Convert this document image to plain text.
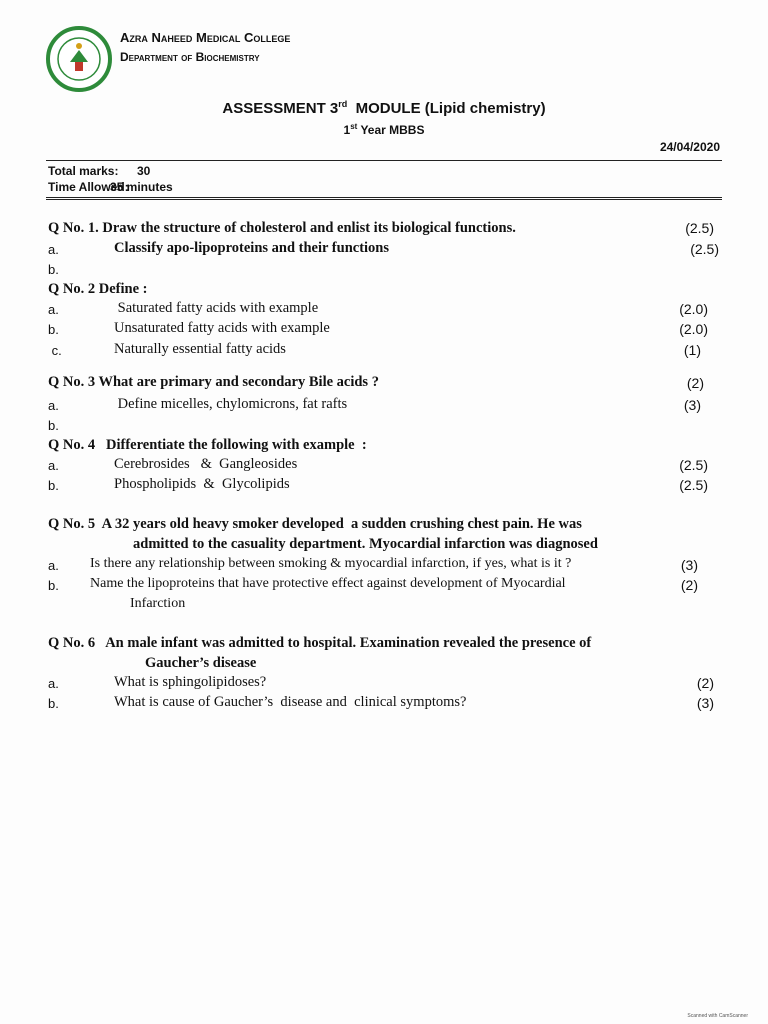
Azra Naheed Medical College
Department of Biochemistry
ASSESSMENT 3rd  MODULE (Lipid chemistry)
1st Year MBBS
24/04/2020
Total marks: 30
Time Allowed:
35 minutes
Q No. 1. Draw the structure of cholesterol and enlist its biological functions.	(2.5)
a.	Classify apo-lipoproteins and their functions	(2.5)
b.
Q No. 2 Define :
a.	Saturated fatty acids with example	(2.0)
b.	Unsaturated fatty acids with example	(2.0)
c.	Naturally essential fatty acids	(1)
Q No. 3 What are primary and secondary Bile acids ?	(2)
a.	Define micelles, chylomicrons, fat rafts	(3)
b.
Q No. 4   Differentiate the following with example  :
a.	Cerebrosides   &  Gangleosides	(2.5)
b.	Phospholipids  &  Glycolipids	(2.5)
Q No. 5  A 32 years old heavy smoker developed  a sudden crushing chest pain. He was
admitted to the casuality department. Myocardial infarction was diagnosed
a. Is there any relationship between smoking & myocardial infarction, if yes, what is it ?	(3)
b. Name the lipoproteins that have protective effect against development of Myocardial	(2)
Infarction
Q No. 6   An male infant was admitted to hospital. Examination revealed the presence of
Gaucher’s disease
a.	What is sphingolipidoses?	(2)
b.	What is cause of Gaucher’s  disease and  clinical symptoms?	(3)
Scanned with CamScanner
